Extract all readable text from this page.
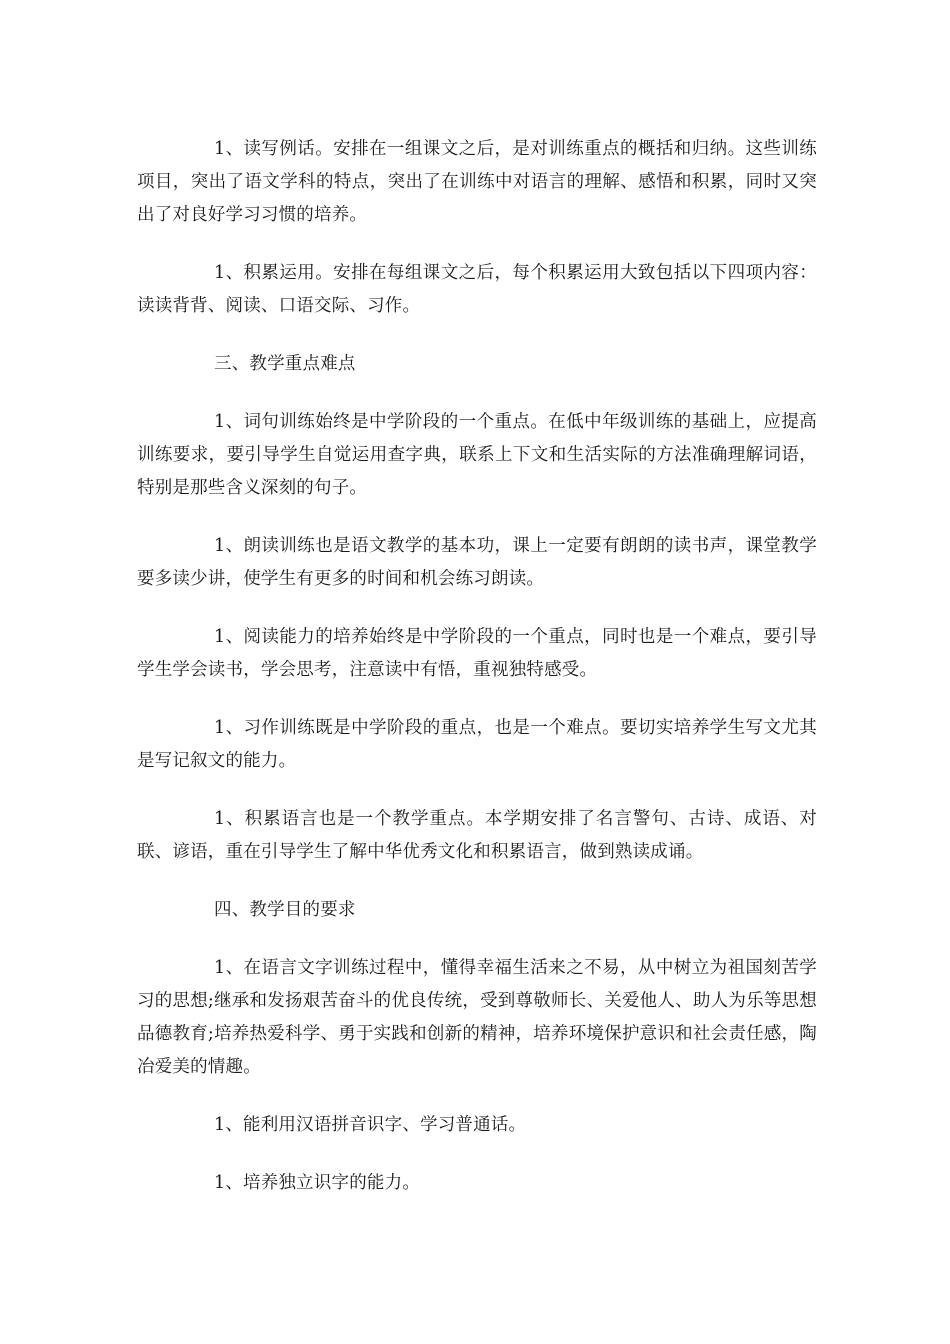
1、读写例话。安排在一组课文之后，是对训练重点的概括和归纳。这些训练项目，突出了语文学科的特点，突出了在训练中对语言的理解、感悟和积累，同时又突出了对良好学习习惯的培养。

1、积累运用。安排在每组课文之后，每个积累运用大致包括以下四项内容：读读背背、阅读、口语交际、习作。

三、教学重点难点

1、词句训练始终是中学阶段的一个重点。在低中年级训练的基础上，应提高训练要求，要引导学生自觉运用查字典，联系上下文和生活实际的方法准确理解词语，特别是那些含义深刻的句子。

1、朗读训练也是语文教学的基本功，课上一定要有朗朗的读书声，课堂教学要多读少讲，使学生有更多的时间和机会练习朗读。

1、阅读能力的培养始终是中学阶段的一个重点，同时也是一个难点，要引导学生学会读书，学会思考，注意读中有悟，重视独特感受。

1、习作训练既是中学阶段的重点，也是一个难点。要切实培养学生写文尤其是写记叙文的能力。

1、积累语言也是一个教学重点。本学期安排了名言警句、古诗、成语、对联、谚语，重在引导学生了解中华优秀文化和积累语言，做到熟读成诵。

四、教学目的要求

1、在语言文字训练过程中，懂得幸福生活来之不易，从中树立为祖国刻苦学习的思想;继承和发扬艰苦奋斗的优良传统，受到尊敬师长、关爱他人、助人为乐等思想品德教育;培养热爱科学、勇于实践和创新的精神，培养环境保护意识和社会责任感，陶冶爱美的情趣。

1、能利用汉语拼音识字、学习普通话。

1、培养独立识字的能力。
